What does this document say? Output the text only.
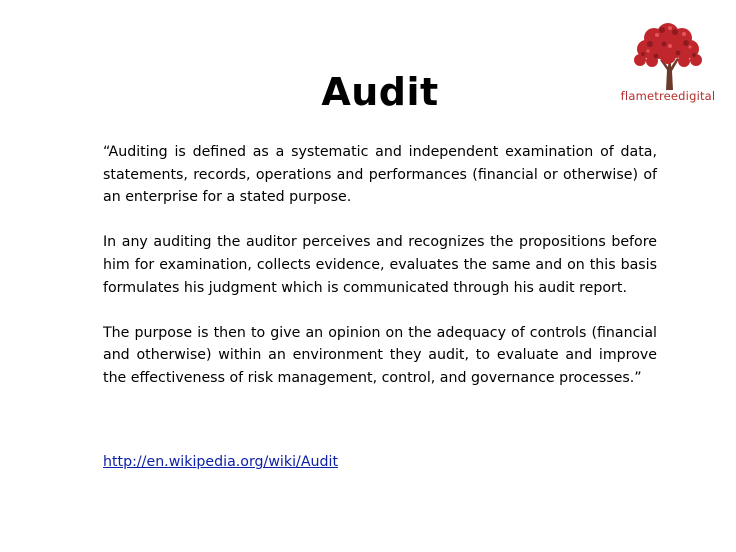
Audit	flametreedigital

“Auditing is defined as a systematic and independent examination of data, statements, records, operations and performances (financial or otherwise) of an enterprise for a stated purpose.

In any auditing the auditor perceives and recognizes the propositions before him for examination, collects evidence, evaluates the same and on this basis formulates his judgment which is communicated through his audit report.

The purpose is then to give an opinion on the adequacy of controls (financial and otherwise) within an environment they audit, to evaluate and improve the effectiveness of risk management, control, and governance processes.”

http://en.wikipedia.org/wiki/Audit
